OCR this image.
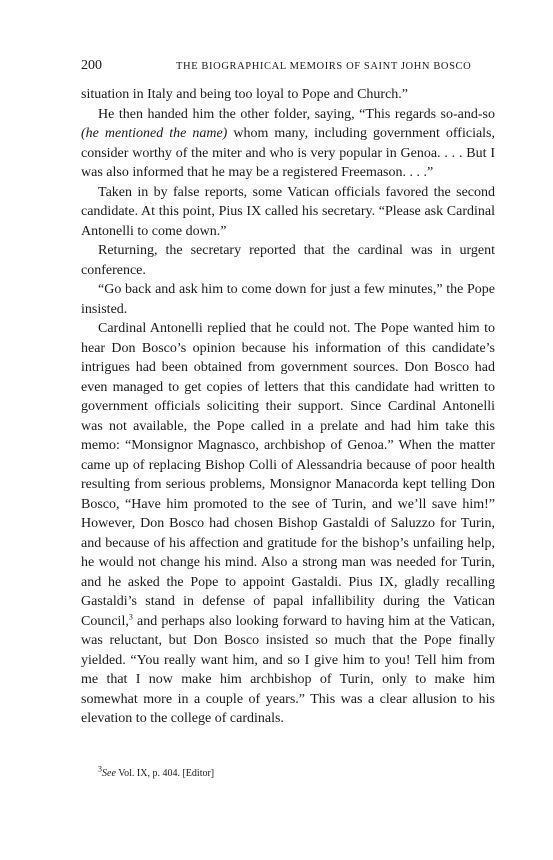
200	THE BIOGRAPHICAL MEMOIRS OF SAINT JOHN BOSCO

situation in Italy and being too loyal to Pope and Church.”

He then handed him the other folder, saying, “This regards so-and-so (he mentioned the name) whom many, including government officials, consider worthy of the miter and who is very popular in Genoa. . . . But I was also informed that he may be a registered Freemason. . . .”

Taken in by false reports, some Vatican officials favored the second candidate. At this point, Pius IX called his secretary. “Please ask Cardinal Antonelli to come down.”

Returning, the secretary reported that the cardinal was in urgent conference.

“Go back and ask him to come down for just a few minutes,” the Pope insisted.

Cardinal Antonelli replied that he could not. The Pope wanted him to hear Don Bosco’s opinion because his information of this candidate’s intrigues had been obtained from government sources. Don Bosco had even managed to get copies of letters that this candidate had written to government officials soliciting their support. Since Cardinal Antonelli was not available, the Pope called in a prelate and had him take this memo: “Monsignor Magnasco, archbishop of Genoa.” When the matter came up of replacing Bishop Colli of Alessandria because of poor health resulting from serious problems, Monsignor Manacorda kept telling Don Bosco, “Have him promoted to the see of Turin, and we’ll save him!” However, Don Bosco had chosen Bishop Gastaldi of Saluzzo for Turin, and because of his affection and gratitude for the bishop’s unfailing help, he would not change his mind. Also a strong man was needed for Turin, and he asked the Pope to appoint Gastaldi. Pius IX, gladly recalling Gastaldi’s stand in defense of papal infallibility during the Vatican Council,$^3$ and perhaps also looking forward to having him at the Vatican, was reluctant, but Don Bosco insisted so much that the Pope finally yielded. “You really want him, and so I give him to you! Tell him from me that I now make him archbishop of Turin, only to make him somewhat more in a couple of years.” This was a clear allusion to his elevation to the college of cardinals.

$^3$See Vol. IX, p. 404. [Editor]
